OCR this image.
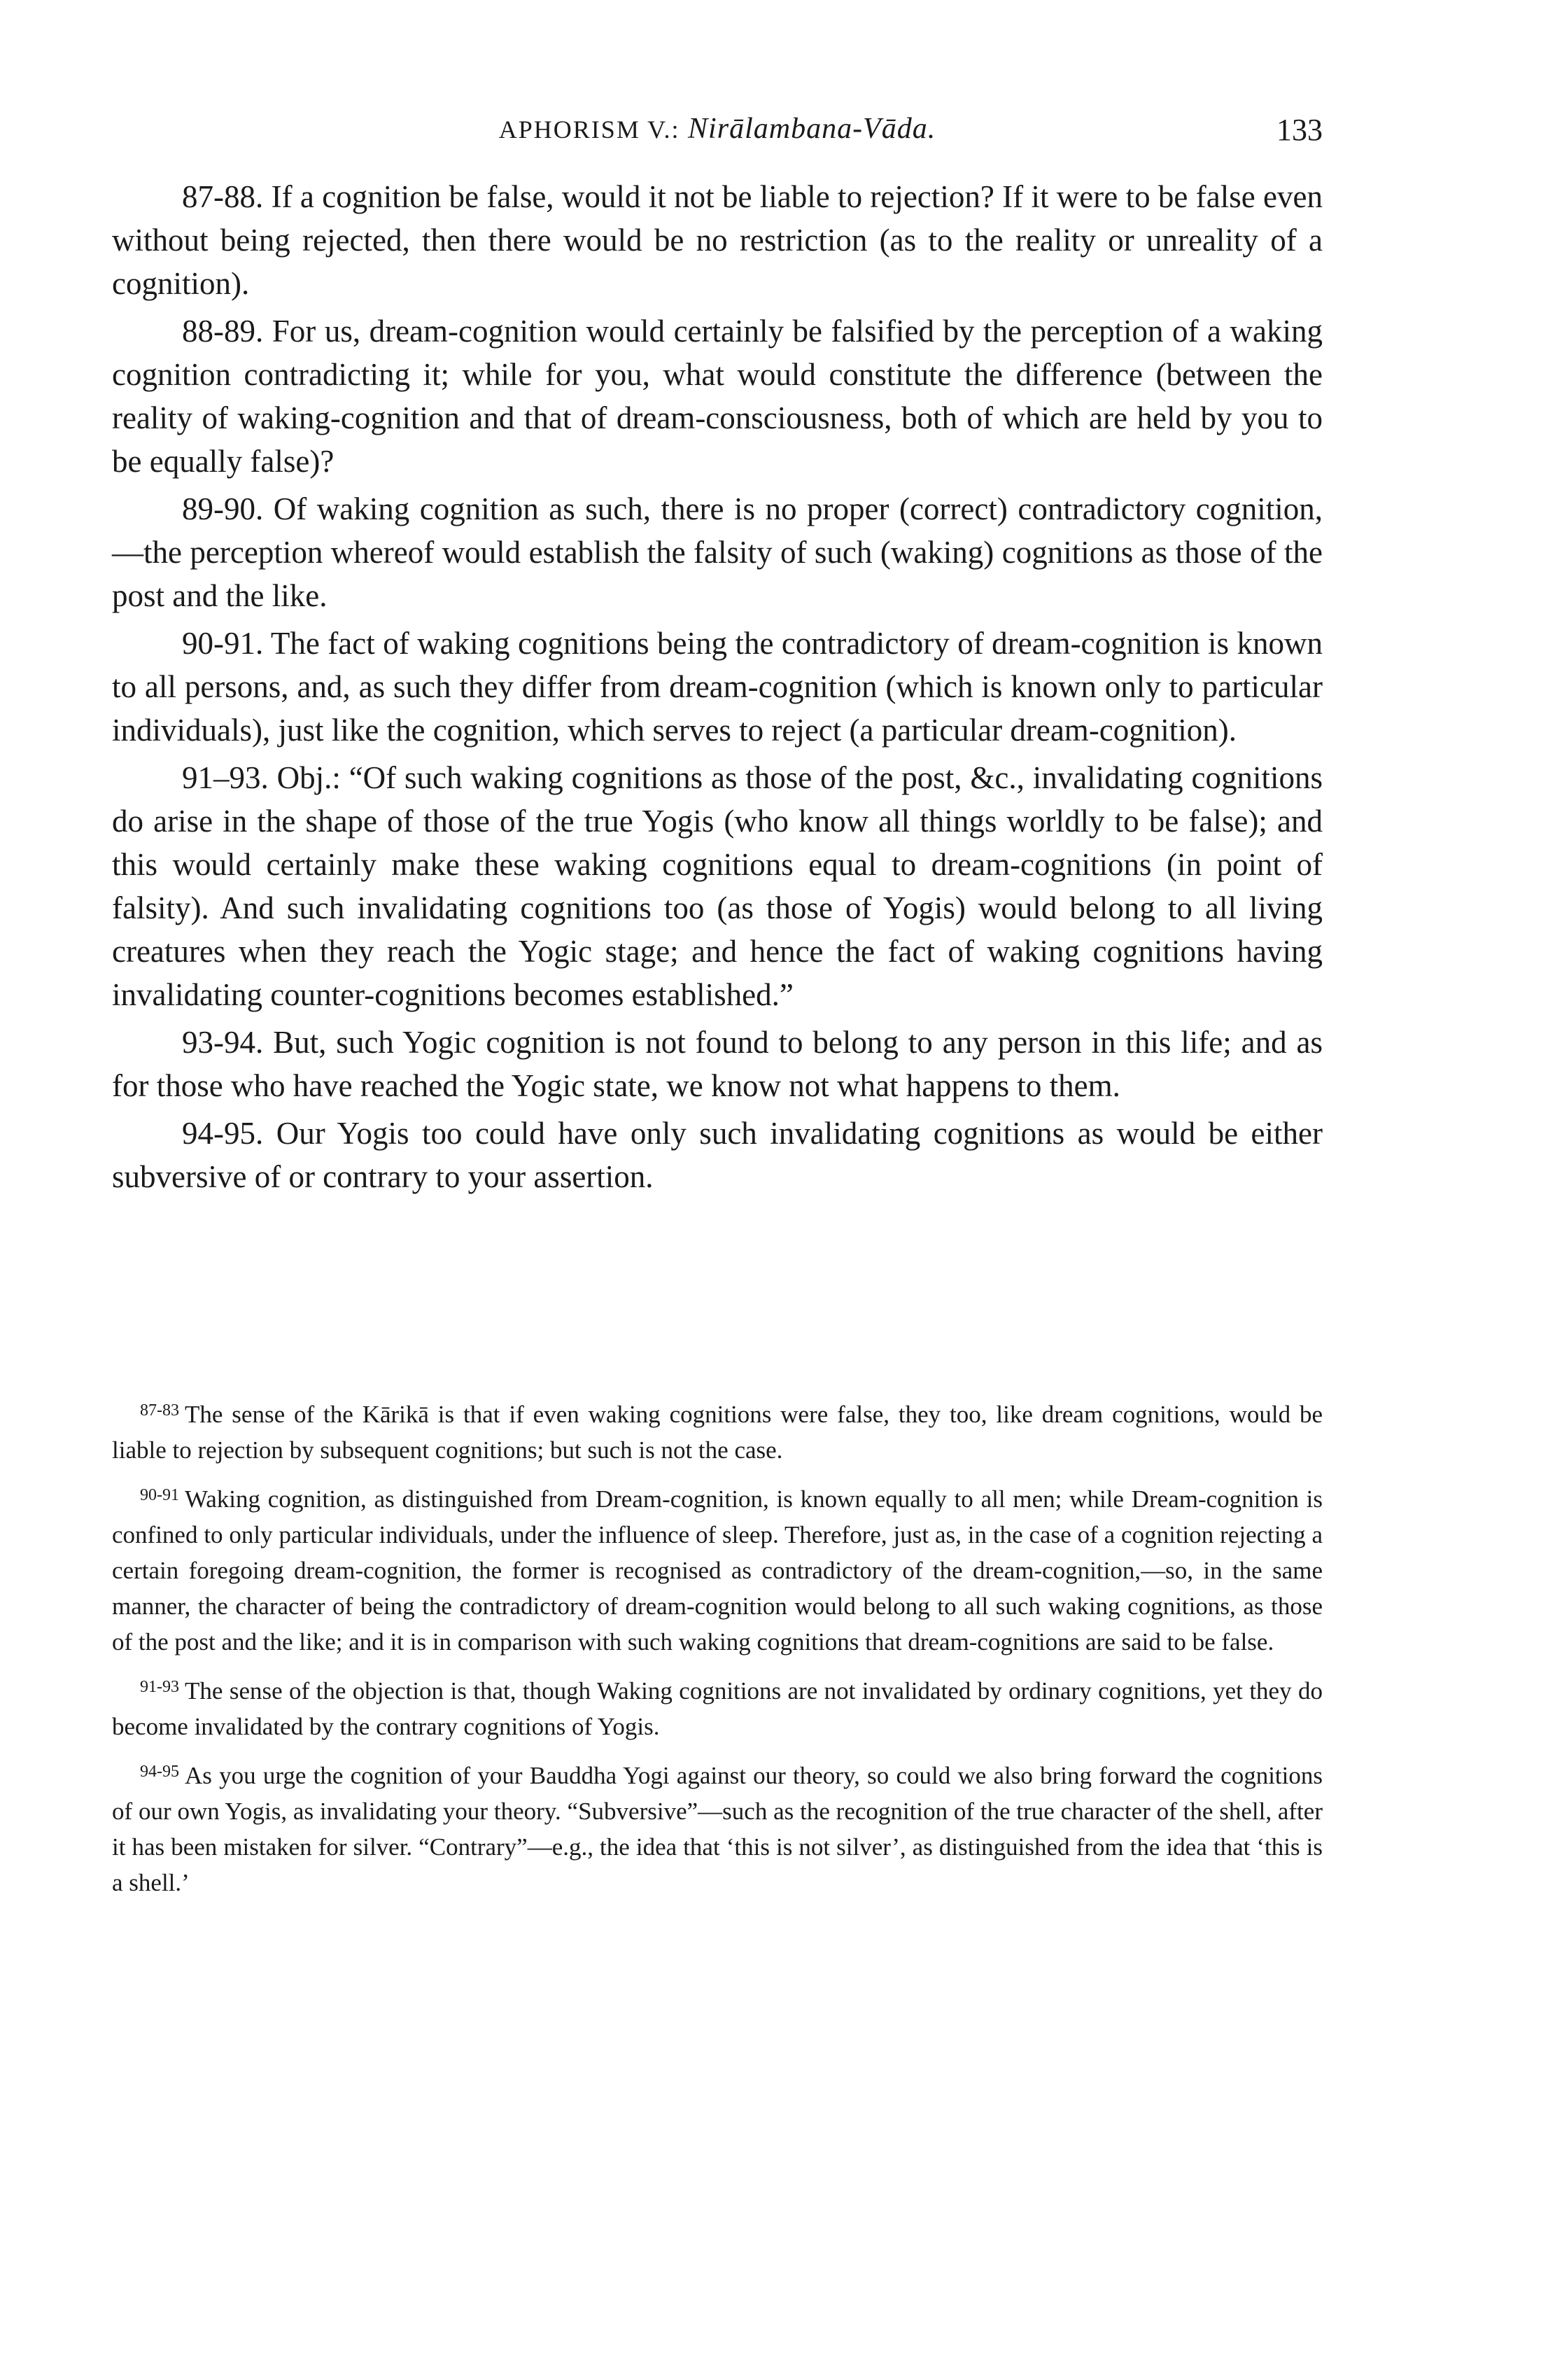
APHORISM V.: Nirālambana-Vāda.	133

87-88. If a cognition be false, would it not be liable to rejection? If it were to be false even without being rejected, then there would be no restriction (as to the reality or unreality of a cognition).

88-89. For us, dream-cognition would certainly be falsified by the perception of a waking cognition contradicting it; while for you, what would constitute the difference (between the reality of waking-cognition and that of dream-consciousness, both of which are held by you to be equally false)?

89-90. Of waking cognition as such, there is no proper (correct) contradictory cognition,—the perception whereof would establish the falsity of such (waking) cognitions as those of the post and the like.

90-91. The fact of waking cognitions being the contradictory of dream-cognition is known to all persons, and, as such they differ from dream-cognition (which is known only to particular individuals), just like the cognition, which serves to reject (a particular dream-cognition).

91–93. Obj.: “Of such waking cognitions as those of the post, &c., invalidating cognitions do arise in the shape of those of the true Yogis (who know all things worldly to be false); and this would certainly make these waking cognitions equal to dream-cognitions (in point of falsity). And such invalidating cognitions too (as those of Yogis) would belong to all living creatures when they reach the Yogic stage; and hence the fact of waking cognitions having invalidating counter-cognitions becomes established.”

93-94. But, such Yogic cognition is not found to belong to any person in this life; and as for those who have reached the Yogic state, we know not what happens to them.

94-95. Our Yogis too could have only such invalidating cognitions as would be either subversive of or contrary to your assertion.

$^{87-83}$ The sense of the Kārikā is that if even waking cognitions were false, they too, like dream cognitions, would be liable to rejection by subsequent cognitions; but such is not the case.

$^{90-91}$ Waking cognition, as distinguished from Dream-cognition, is known equally to all men; while Dream-cognition is confined to only particular individuals, under the influence of sleep. Therefore, just as, in the case of a cognition rejecting a certain foregoing dream-cognition, the former is recognised as contradictory of the dream-cognition,—so, in the same manner, the character of being the contradictory of dream-cognition would belong to all such waking cognitions, as those of the post and the like; and it is in comparison with such waking cognitions that dream-cognitions are said to be false.

$^{91-93}$ The sense of the objection is that, though Waking cognitions are not invalidated by ordinary cognitions, yet they do become invalidated by the contrary cognitions of Yogis.

$^{94-95}$ As you urge the cognition of your Bauddha Yogi against our theory, so could we also bring forward the cognitions of our own Yogis, as invalidating your theory. “Subversive”—such as the recognition of the true character of the shell, after it has been mistaken for silver. “Contrary”—e.g., the idea that ‘this is not silver’, as distinguished from the idea that ‘this is a shell.’
